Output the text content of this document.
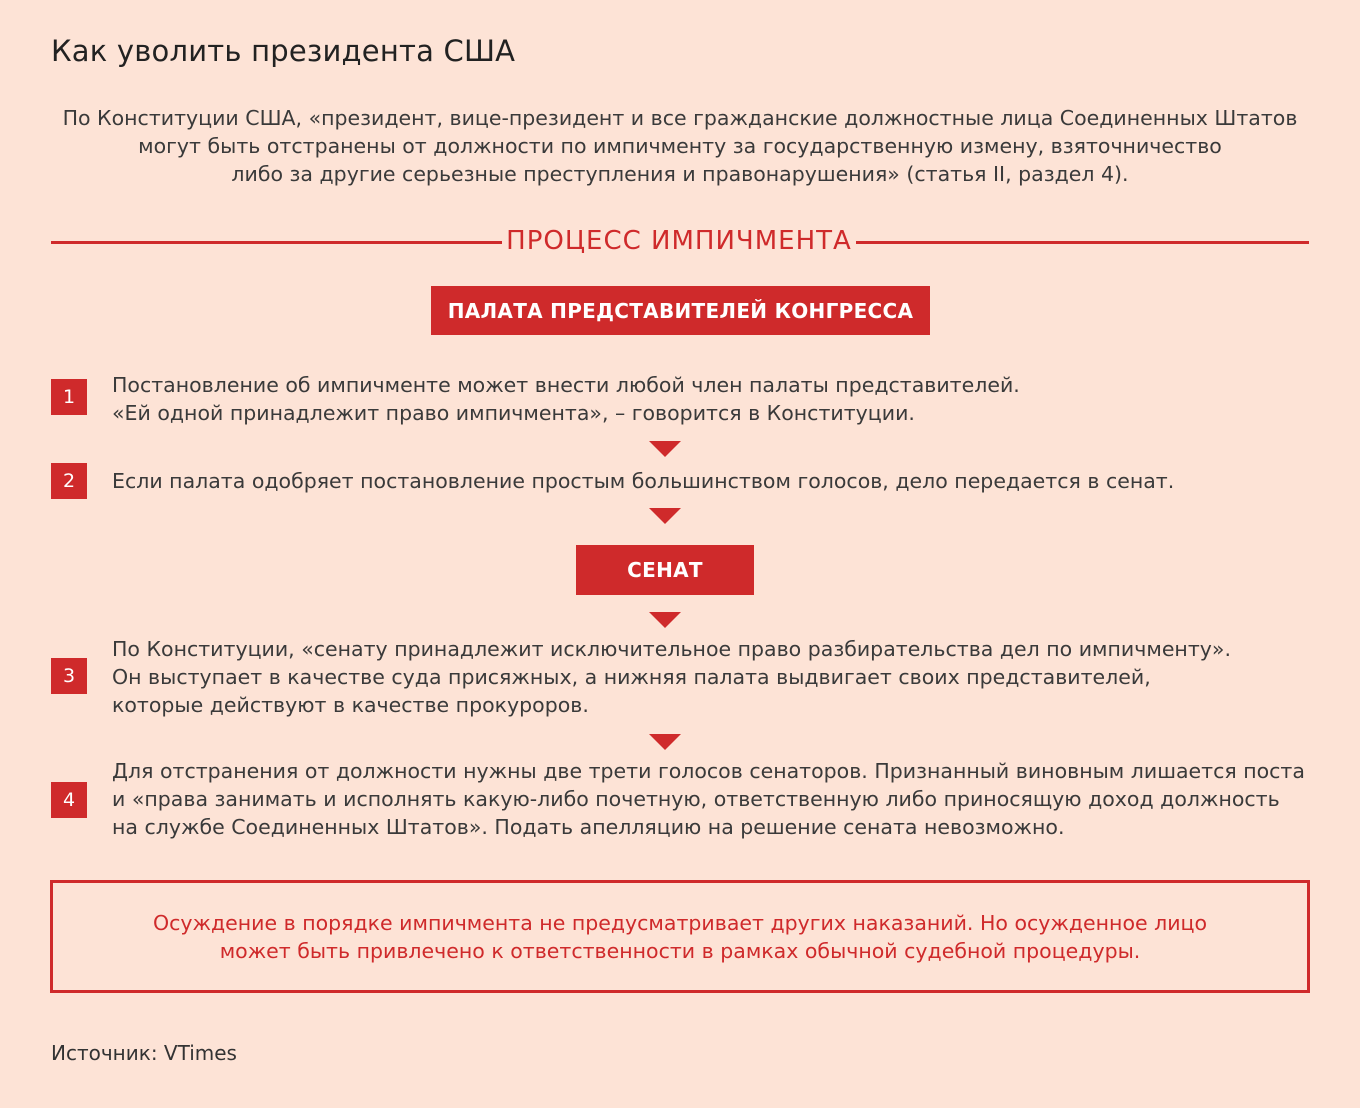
Как уволить президента США
По Конституции США, «президент, вице-президент и все гражданские должностные лица Соединенных Штатов
могут быть отстранены от должности по импичменту за государственную измену, взяточничество
либо за другие серьезные преступления и правонарушения» (статья II, раздел 4).
ПРОЦЕСС ИМПИЧМЕНТА
ПАЛАТА ПРЕДСТАВИТЕЛЕЙ КОНГРЕССА
1	Постановление об импичменте может внести любой член палаты представителей.
«Ей одной принадлежит право импичмента», – говорится в Конституции.
2	Если палата одобряет постановление простым большинством голосов, дело передается в сенат.
СЕНАТ
3
По Конституции, «сенату принадлежит исключительное право разбирательства дел по импичменту».
Он выступает в качестве суда присяжных, а нижняя палата выдвигает своих представителей,
которые действуют в качестве прокуроров.
4
Для отстранения от должности нужны две трети голосов сенаторов. Признанный виновным лишается поста
и «права занимать и исполнять какую-либо почетную, ответственную либо приносящую доход должность
на службе Соединенных Штатов». Подать апелляцию на решение сената невозможно.
Осуждение в порядке импичмента не предусматривает других наказаний. Но осужденное лицо
может быть привлечено к ответственности в рамках обычной судебной процедуры.
Источник: VTimes
